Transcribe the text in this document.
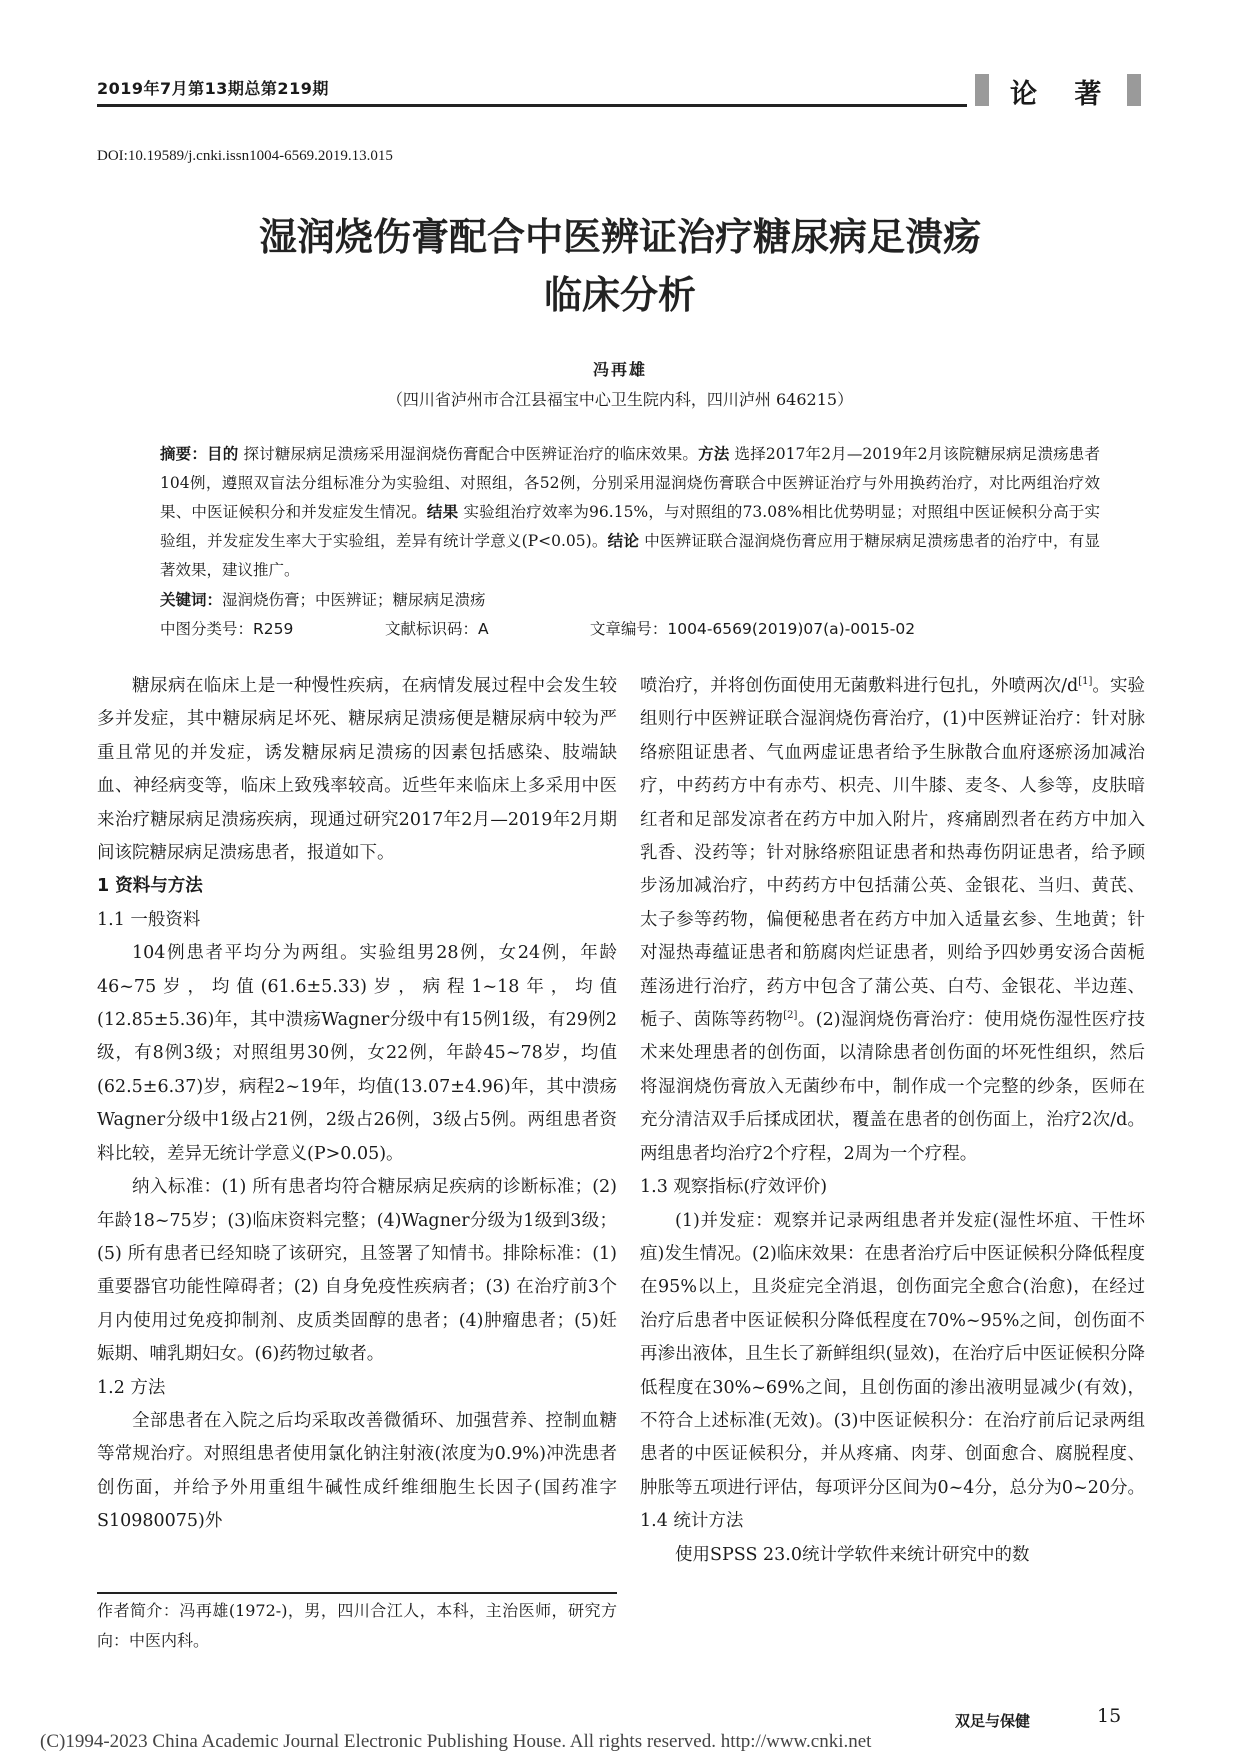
2019年7月第13期总第219期	论 著
DOI:10.19589/j.cnki.issn1004-6569.2019.13.015
湿润烧伤膏配合中医辨证治疗糖尿病足溃疡
临床分析
冯再雄
（四川省泸州市合江县福宝中心卫生院内科，四川泸州 646215）
摘要：目的 探讨糖尿病足溃疡采用湿润烧伤膏配合中医辨证治疗的临床效果。方法 选择2017年2月—2019年2月该院糖尿病足溃疡患者104例，遵照双盲法分组标准分为实验组、对照组，各52例，分别采用湿润烧伤膏联合中医辨证治疗与外用换药治疗，对比两组治疗效果、中医证候积分和并发症发生情况。结果 实验组治疗效率为96.15%，与对照组的73.08%相比优势明显；对照组中医证候积分高于实验组，并发症发生率大于实验组，差异有统计学意义(P<0.05)。结论 中医辨证联合湿润烧伤膏应用于糖尿病足溃疡患者的治疗中，有显著效果，建议推广。
关键词：湿润烧伤膏；中医辨证；糖尿病足溃疡
中图分类号：R259	文献标识码：A	文章编号：1004-6569(2019)07(a)-0015-02

糖尿病在临床上是一种慢性疾病，在病情发展过程中会发生较多并发症，其中糖尿病足坏死、糖尿病足溃疡便是糖尿病中较为严重且常见的并发症，诱发糖尿病足溃疡的因素包括感染、肢端缺血、神经病变等，临床上致残率较高。近些年来临床上多采用中医来治疗糖尿病足溃疡疾病，现通过研究2017年2月—2019年2月期间该院糖尿病足溃疡患者，报道如下。

1 资料与方法
1.1 一般资料

104例患者平均分为两组。实验组男28例，女24例，年龄46~75岁，均值(61.6±5.33)岁，病程1~18年，均值(12.85±5.36)年，其中溃疡Wagner分级中有15例1级，有29例2级，有8例3级；对照组男30例，女22例，年龄45~78岁，均值(62.5±6.37)岁，病程2~19年，均值(13.07±4.96)年，其中溃疡Wagner分级中1级占21例，2级占26例，3级占5例。两组患者资料比较，差异无统计学意义(P>0.05)。

纳入标准：(1) 所有患者均符合糖尿病足疾病的诊断标准；(2)年龄18~75岁；(3)临床资料完整；(4)Wagner分级为1级到3级；(5) 所有患者已经知晓了该研究，且签署了知情书。排除标准：(1)重要器官功能性障碍者；(2) 自身免疫性疾病者；(3) 在治疗前3个月内使用过免疫抑制剂、皮质类固醇的患者；(4)肿瘤患者；(5)妊娠期、哺乳期妇女。(6)药物过敏者。

1.2 方法

全部患者在入院之后均采取改善微循环、加强营养、控制血糖等常规治疗。对照组患者使用氯化钠注射液(浓度为0.9%)冲洗患者创伤面，并给予外用重组牛碱性成纤维细胞生长因子(国药准字S10980075)外

作者简介：冯再雄(1972-)，男，四川合江人，本科，主治医师，研究方向：中医内科。

喷治疗，并将创伤面使用无菌敷料进行包扎，外喷两次/d[1]。实验组则行中医辨证联合湿润烧伤膏治疗，(1)中医辨证治疗：针对脉络瘀阻证患者、气血两虚证患者给予生脉散合血府逐瘀汤加减治疗，中药药方中有赤芍、枳壳、川牛膝、麦冬、人参等，皮肤暗红者和足部发凉者在药方中加入附片，疼痛剧烈者在药方中加入乳香、没药等；针对脉络瘀阻证患者和热毒伤阴证患者，给予顾步汤加减治疗，中药药方中包括蒲公英、金银花、当归、黄芪、太子参等药物，偏便秘患者在药方中加入适量玄参、生地黄；针对湿热毒蕴证患者和筋腐肉烂证患者，则给予四妙勇安汤合茵栀莲汤进行治疗，药方中包含了蒲公英、白芍、金银花、半边莲、栀子、茵陈等药物[2]。(2)湿润烧伤膏治疗：使用烧伤湿性医疗技术来处理患者的创伤面，以清除患者创伤面的坏死性组织，然后将湿润烧伤膏放入无菌纱布中，制作成一个完整的纱条，医师在充分清洁双手后揉成团状，覆盖在患者的创伤面上，治疗2次/d。两组患者均治疗2个疗程，2周为一个疗程。

1.3 观察指标(疗效评价)

(1)并发症：观察并记录两组患者并发症(湿性坏疽、干性坏疽)发生情况。(2)临床效果：在患者治疗后中医证候积分降低程度在95%以上，且炎症完全消退，创伤面完全愈合(治愈)，在经过治疗后患者中医证候积分降低程度在70%~95%之间，创伤面不再渗出液体，且生长了新鲜组织(显效)，在治疗后中医证候积分降低程度在30%~69%之间，且创伤面的渗出液明显减少(有效)，不符合上述标准(无效)。(3)中医证候积分：在治疗前后记录两组患者的中医证候积分，并从疼痛、肉芽、创面愈合、腐脱程度、肿胀等五项进行评估，每项评分区间为0~4分，总分为0~20分。

1.4 统计方法

使用SPSS 23.0统计学软件来统计研究中的数

双足与保健	15
(C)1994-2023 China Academic Journal Electronic Publishing House. All rights reserved. http://www.cnki.net
